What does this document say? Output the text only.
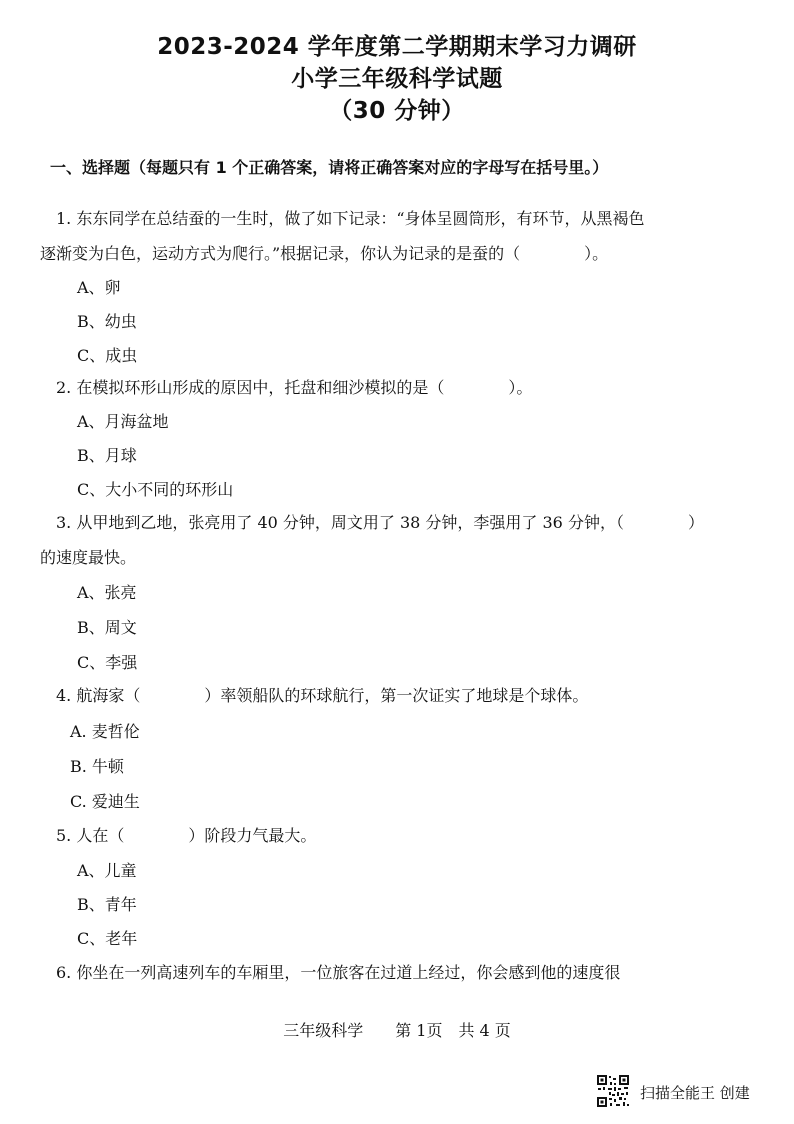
2023-2024 学年度第二学期期末学习力调研
小学三年级科学试题
（30 分钟）
一、选择题（每题只有 1 个正确答案，请将正确答案对应的字母写在括号里。）
1. 东东同学在总结蚕的一生时，做了如下记录：“身体呈圆筒形，有环节，从黑褐色
逐渐变为白色，运动方式为爬行。”根据记录，你认为记录的是蚕的（　　　　）。
A、卵
B、幼虫
C、成虫
2. 在模拟环形山形成的原因中，托盘和细沙模拟的是（　　　　）。
A、月海盆地
B、月球
C、大小不同的环形山
3. 从甲地到乙地，张亮用了 40 分钟，周文用了 38 分钟，李强用了 36 分钟，（　　　　）
的速度最快。
A、张亮
B、周文
C、李强
4. 航海家（　　　　）率领船队的环球航行，第一次证实了地球是个球体。
A. 麦哲伦
B. 牛顿
C. 爱迪生
5. 人在（　　　　）阶段力气最大。
A、儿童
B、青年
C、老年
6. 你坐在一列高速列车的车厢里，一位旅客在过道上经过，你会感到他的速度很
三年级科学　　第 1页　共 4 页
扫描全能王 创建
